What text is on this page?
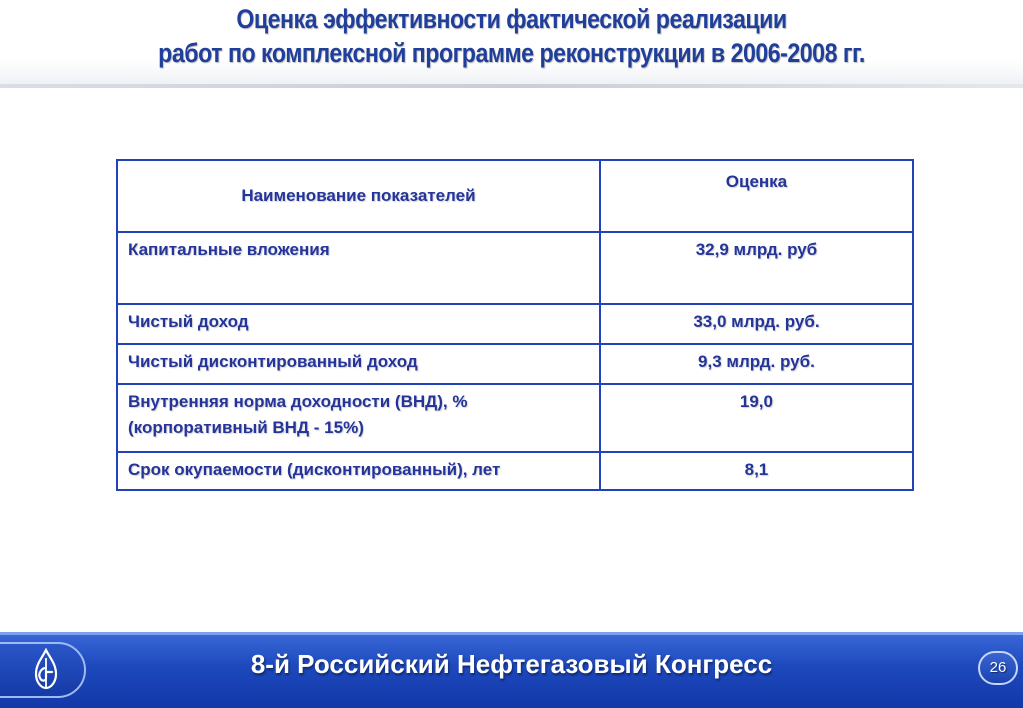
Оценка эффективности фактической реализации
работ по комплексной программе реконструкции в 2006-2008 гг.
Наименование показателей	Оценка
Капитальные вложения	32,9 млрд. руб
Чистый доход	33,0 млрд. руб.
Чистый дисконтированный доход	9,3 млрд. руб.

Внутренняя норма доходности (ВНД), %
(корпоративный ВНД - 15%)	19,0
Срок окупаемости (дисконтированный), лет	8,1
8-й Российский Нефтегазовый Конгресс	26
